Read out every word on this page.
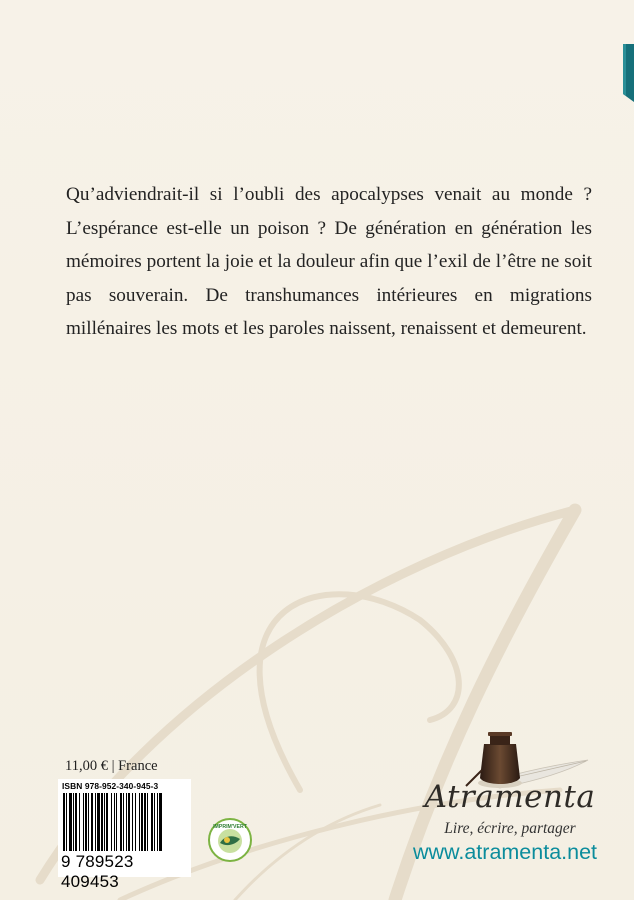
Qu’adviendrait-il si l’oubli des apocalypses venait au monde ? L’espérance est-elle un poison ? De génération en génération les mémoires portent la joie et la douleur afin que l’exil de l’être ne soit pas souverain. De transhumances intérieures en migrations millénaires les mots et les paroles naissent, renaissent et demeurent.

11,00 € | France
ISBN 978-952-340-945-3
9 789523 409453
IMPRIM'VERT
Atramenta
Lire, écrire, partager
www.atramenta.net
